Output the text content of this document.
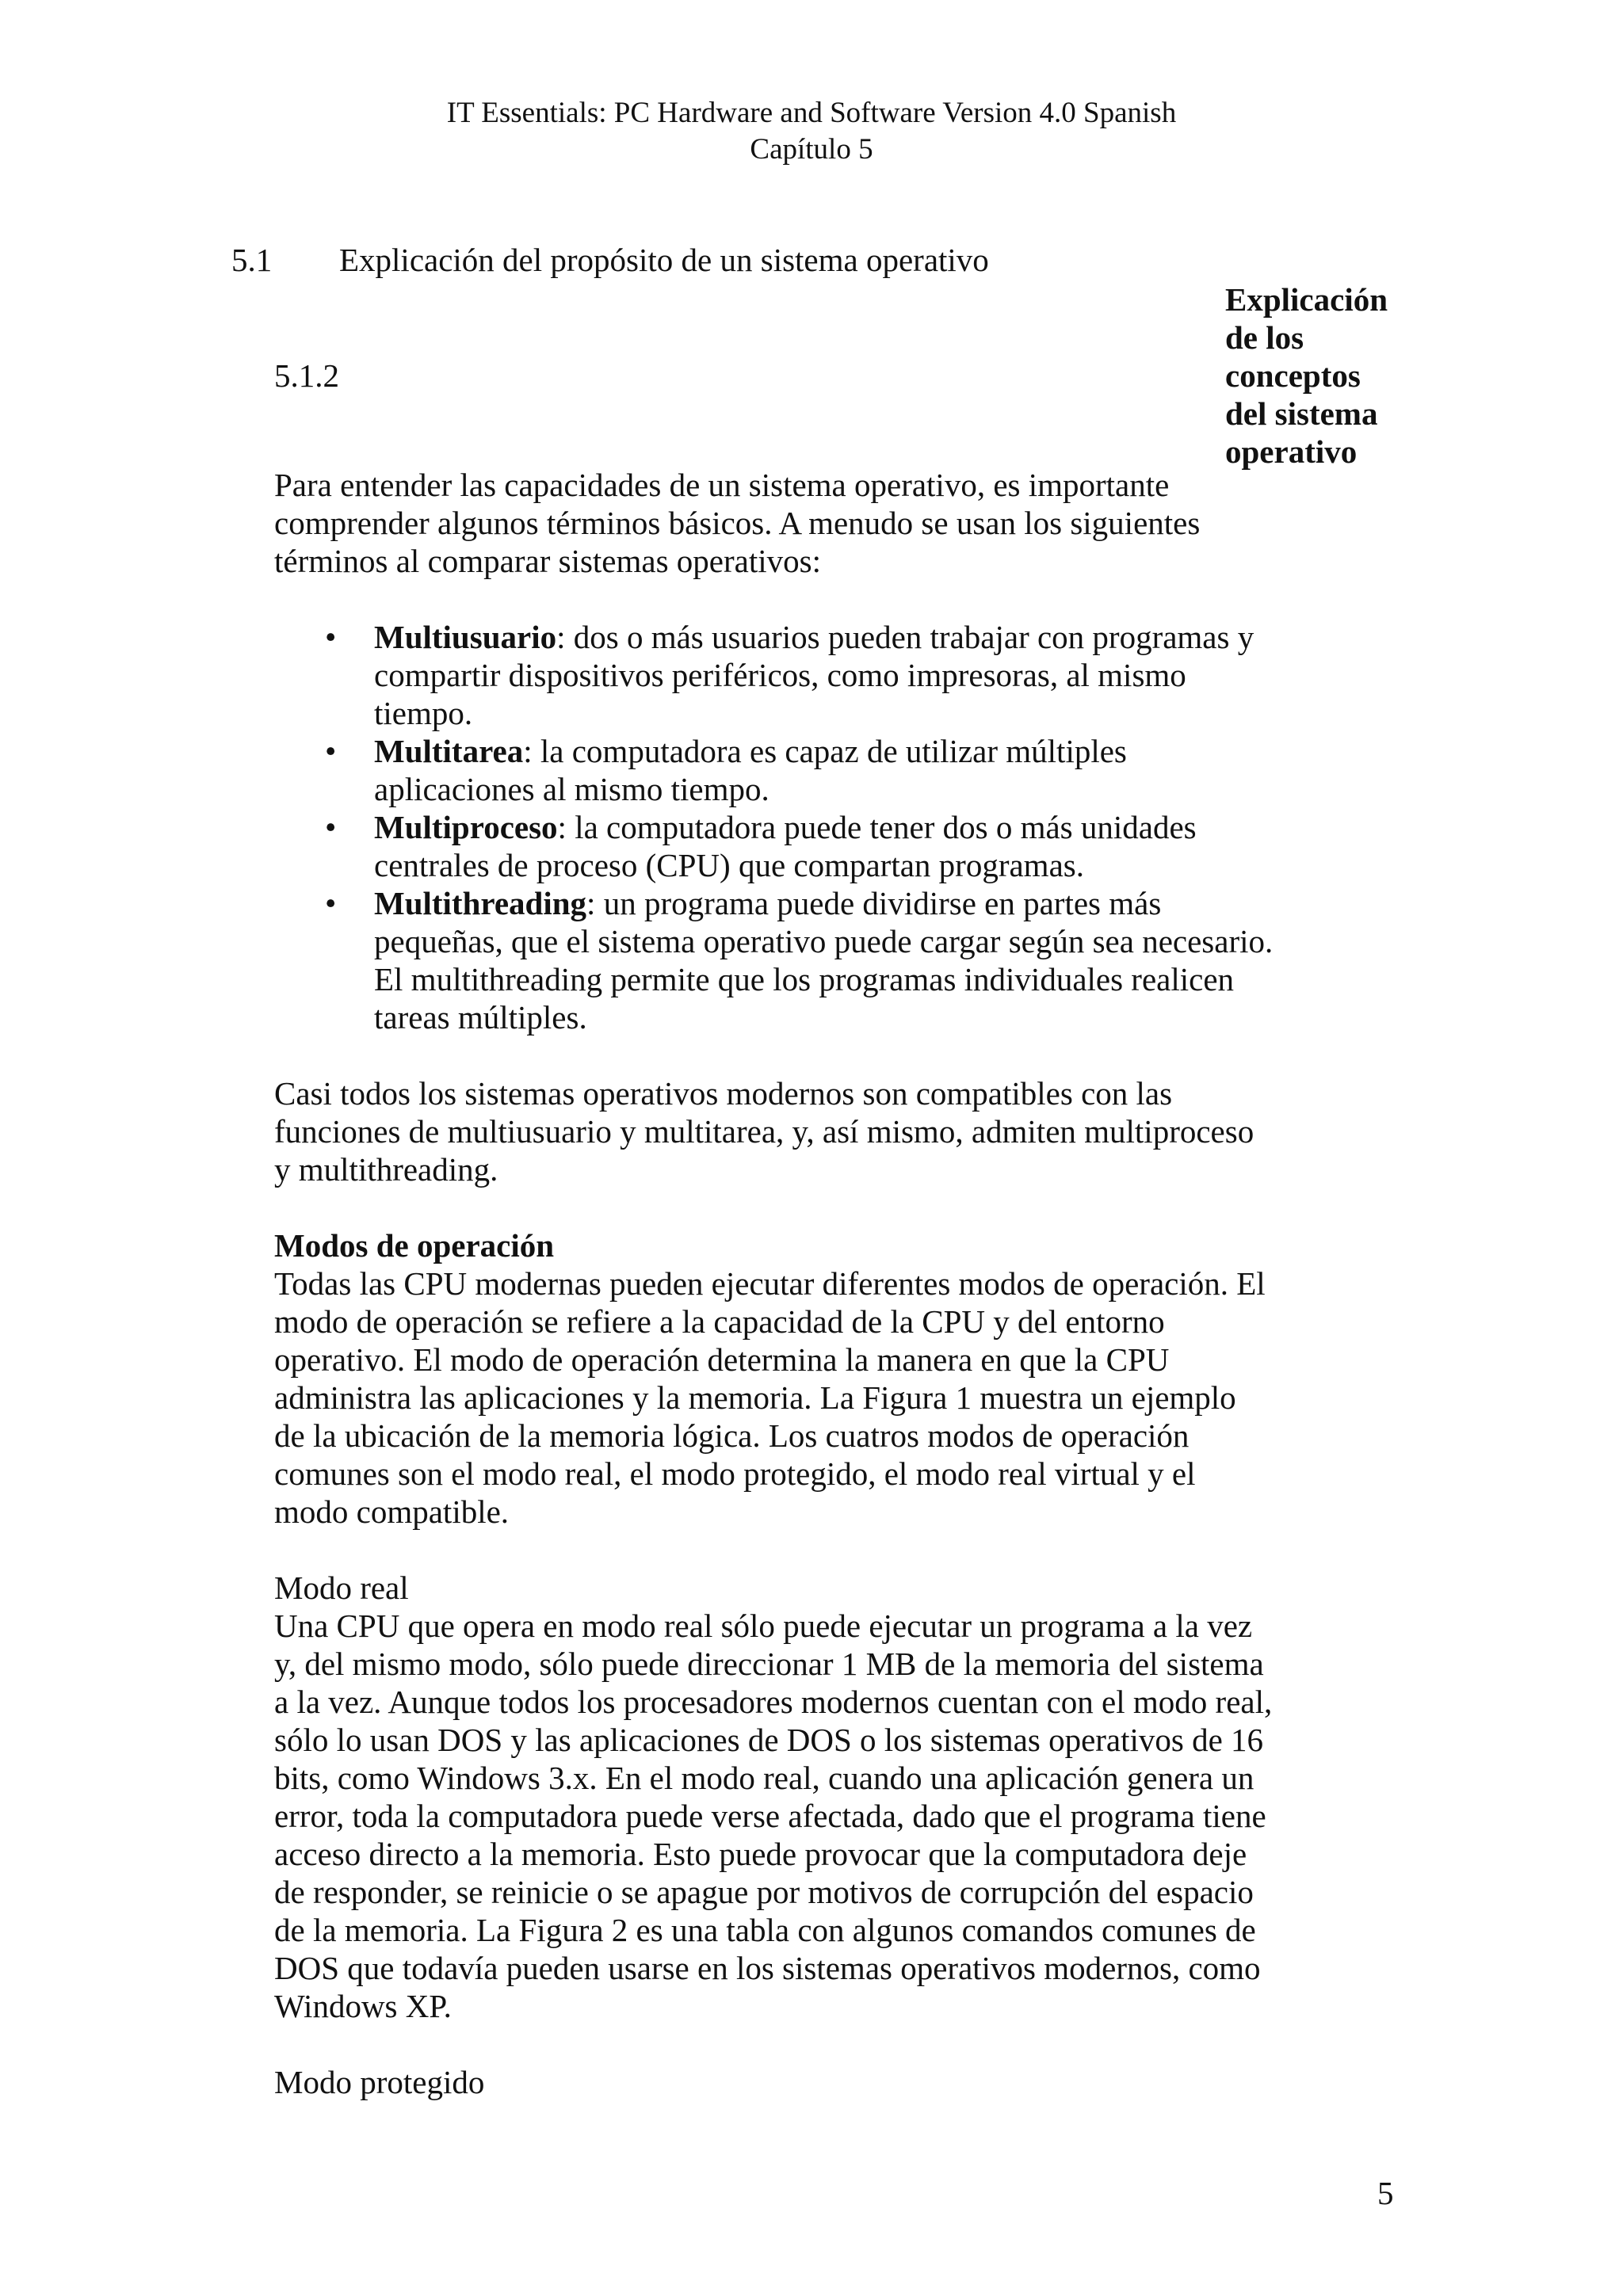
IT Essentials: PC Hardware and Software Version 4.0 Spanish
Capítulo 5
5.1 Explicación del propósito de un sistema operativo
5.1.2
Explicación
de los
conceptos
del sistema
operativo

Para entender las capacidades de un sistema operativo, es importante
comprender algunos términos básicos. A menudo se usan los siguientes
términos al comparar sistemas operativos:

• Multiusuario: dos o más usuarios pueden trabajar con programas y
compartir dispositivos periféricos, como impresoras, al mismo
tiempo.
• Multitarea: la computadora es capaz de utilizar múltiples
aplicaciones al mismo tiempo.
• Multiproceso: la computadora puede tener dos o más unidades
centrales de proceso (CPU) que compartan programas.
• Multithreading: un programa puede dividirse en partes más
pequeñas, que el sistema operativo puede cargar según sea necesario.
El multithreading permite que los programas individuales realicen
tareas múltiples.

Casi todos los sistemas operativos modernos son compatibles con las
funciones de multiusuario y multitarea, y, así mismo, admiten multiproceso
y multithreading.

Modos de operación
Todas las CPU modernas pueden ejecutar diferentes modos de operación. El
modo de operación se refiere a la capacidad de la CPU y del entorno
operativo. El modo de operación determina la manera en que la CPU
administra las aplicaciones y la memoria. La Figura 1 muestra un ejemplo
de la ubicación de la memoria lógica. Los cuatros modos de operación
comunes son el modo real, el modo protegido, el modo real virtual y el
modo compatible.

Modo real
Una CPU que opera en modo real sólo puede ejecutar un programa a la vez
y, del mismo modo, sólo puede direccionar 1 MB de la memoria del sistema
a la vez. Aunque todos los procesadores modernos cuentan con el modo real,
sólo lo usan DOS y las aplicaciones de DOS o los sistemas operativos de 16
bits, como Windows 3.x. En el modo real, cuando una aplicación genera un
error, toda la computadora puede verse afectada, dado que el programa tiene
acceso directo a la memoria. Esto puede provocar que la computadora deje
de responder, se reinicie o se apague por motivos de corrupción del espacio
de la memoria. La Figura 2 es una tabla con algunos comandos comunes de
DOS que todavía pueden usarse en los sistemas operativos modernos, como
Windows XP.

Modo protegido

5
